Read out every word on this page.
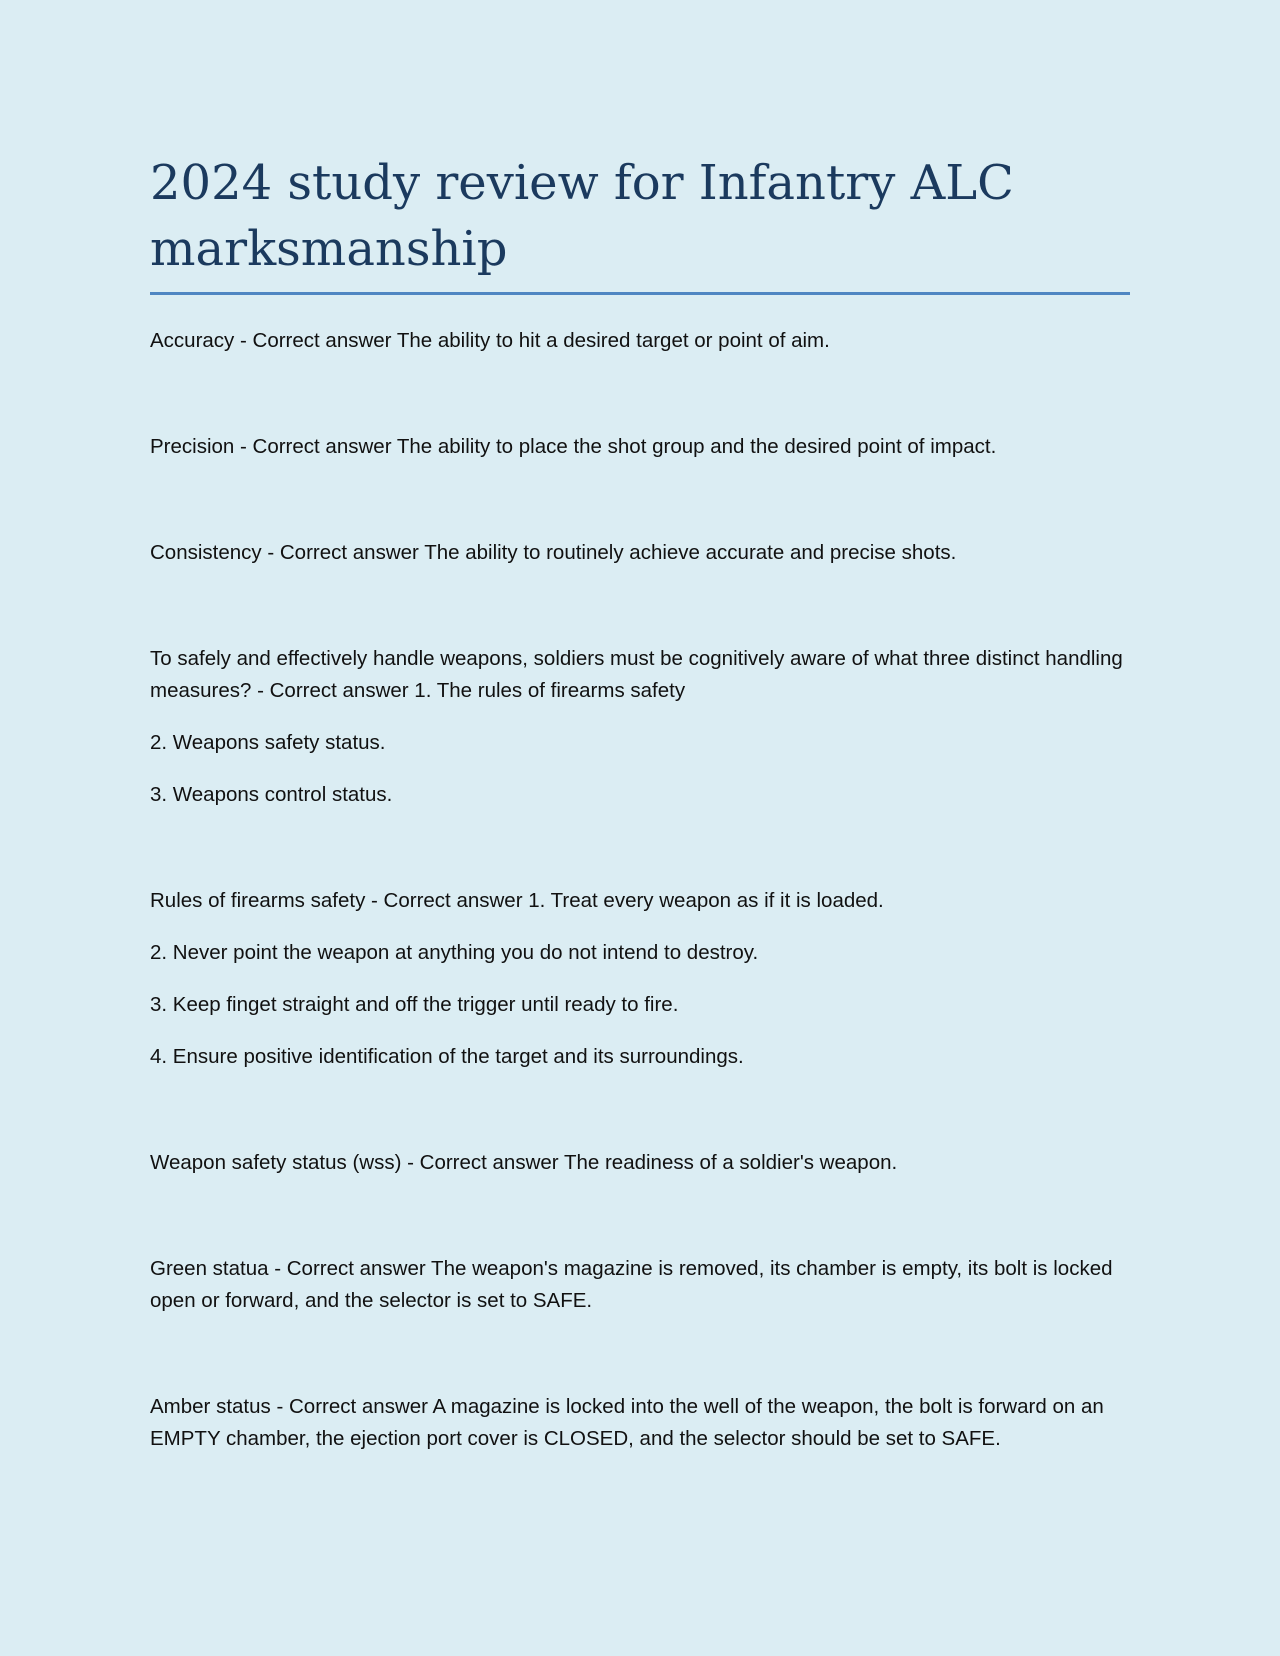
2024 study review for Infantry ALC marksmanship

Accuracy - Correct answer The ability to hit a desired target or point of aim.

Precision - Correct answer The ability to place the shot group and the desired point of impact.

Consistency - Correct answer The ability to routinely achieve accurate and precise shots.

To safely and effectively handle weapons, soldiers must be cognitively aware of what three distinct handling measures? - Correct answer 1. The rules of firearms safety

2. Weapons safety status.

3. Weapons control status.

Rules of firearms safety - Correct answer 1. Treat every weapon as if it is loaded.

2. Never point the weapon at anything you do not intend to destroy.

3. Keep finget straight and off the trigger until ready to fire.

4. Ensure positive identification of the target and its surroundings.

Weapon safety status (wss) - Correct answer The readiness of a soldier's weapon.

Green statua - Correct answer The weapon's magazine is removed, its chamber is empty, its bolt is locked open or forward, and the selector is set to SAFE.

Amber status - Correct answer A magazine is locked into the well of the weapon, the bolt is forward on an EMPTY chamber, the ejection port cover is CLOSED, and the selector should be set to SAFE.
